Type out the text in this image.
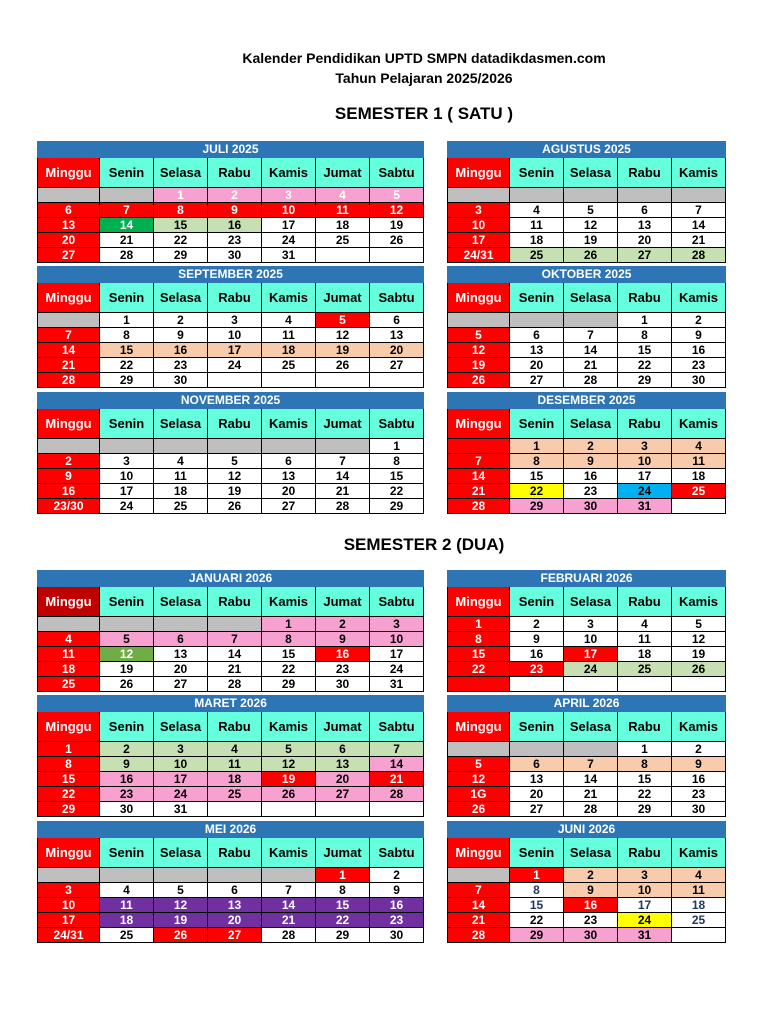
Kalender Pendidikan UPTD SMPN datadikdasmen.com
Tahun Pelajaran 2025/2026
SEMESTER 1 ( SATU )
SEMESTER 2 (DUA)
JULI 2025						
Minggu	Senin	Selasa	Rabu	Kamis	Jumat	Sabtu
		1	2	3	4	5
6	7	8	9	10	11	12
13	14	15	16	17	18	19
20	21	22	23	24	25	26
27	28	29	30	31		
AGUSTUS 2025				
Minggu	Senin	Selasa	Rabu	Kamis

3	4	5	6	7
10	11	12	13	14
17	18	19	20	21
24/31	25	26	27	28
SEPTEMBER 2025						
Minggu	Senin	Selasa	Rabu	Kamis	Jumat	Sabtu
	1	2	3	4	5	6
7	8	9	10	11	12	13
14	15	16	17	18	19	20
21	22	23	24	25	26	27
28	29	30				
OKTOBER 2025				
Minggu	Senin	Selasa	Rabu	Kamis
			1	2
5	6	7	8	9
12	13	14	15	16
19	20	21	22	23
26	27	28	29	30
NOVEMBER 2025						
Minggu	Senin	Selasa	Rabu	Kamis	Jumat	Sabtu
						1
2	3	4	5	6	7	8
9	10	11	12	13	14	15
16	17	18	19	20	21	22
23/30	24	25	26	27	28	29
DESEMBER 2025				
Minggu	Senin	Selasa	Rabu	Kamis
	1	2	3	4
7	8	9	10	11
14	15	16	17	18
21	22	23	24	25
28	29	30	31	
JANUARI 2026						
Minggu	Senin	Selasa	Rabu	Kamis	Jumat	Sabtu
				1	2	3
4	5	6	7	8	9	10
11	12	13	14	15	16	17
18	19	20	21	22	23	24
25	26	27	28	29	30	31
FEBRUARI 2026				
Minggu	Senin	Selasa	Rabu	Kamis
1	2	3	4	5
8	9	10	11	12
15	16	17	18	19
22	23	24	25	26

MARET 2026						
Minggu	Senin	Selasa	Rabu	Kamis	Jumat	Sabtu
1	2	3	4	5	6	7
8	9	10	11	12	13	14
15	16	17	18	19	20	21
22	23	24	25	26	27	28
29	30	31				
APRIL 2026				
Minggu	Senin	Selasa	Rabu	Kamis
			1	2
5	6	7	8	9
12	13	14	15	16
1G	20	21	22	23
26	27	28	29	30
MEI 2026						
Minggu	Senin	Selasa	Rabu	Kamis	Jumat	Sabtu
					1	2
3	4	5	6	7	8	9
10	11	12	13	14	15	16
17	18	19	20	21	22	23
24/31	25	26	27	28	29	30
JUNI 2026				
Minggu	Senin	Selasa	Rabu	Kamis
	1	2	3	4
7	8	9	10	11
14	15	16	17	18
21	22	23	24	25
28	29	30	31	
